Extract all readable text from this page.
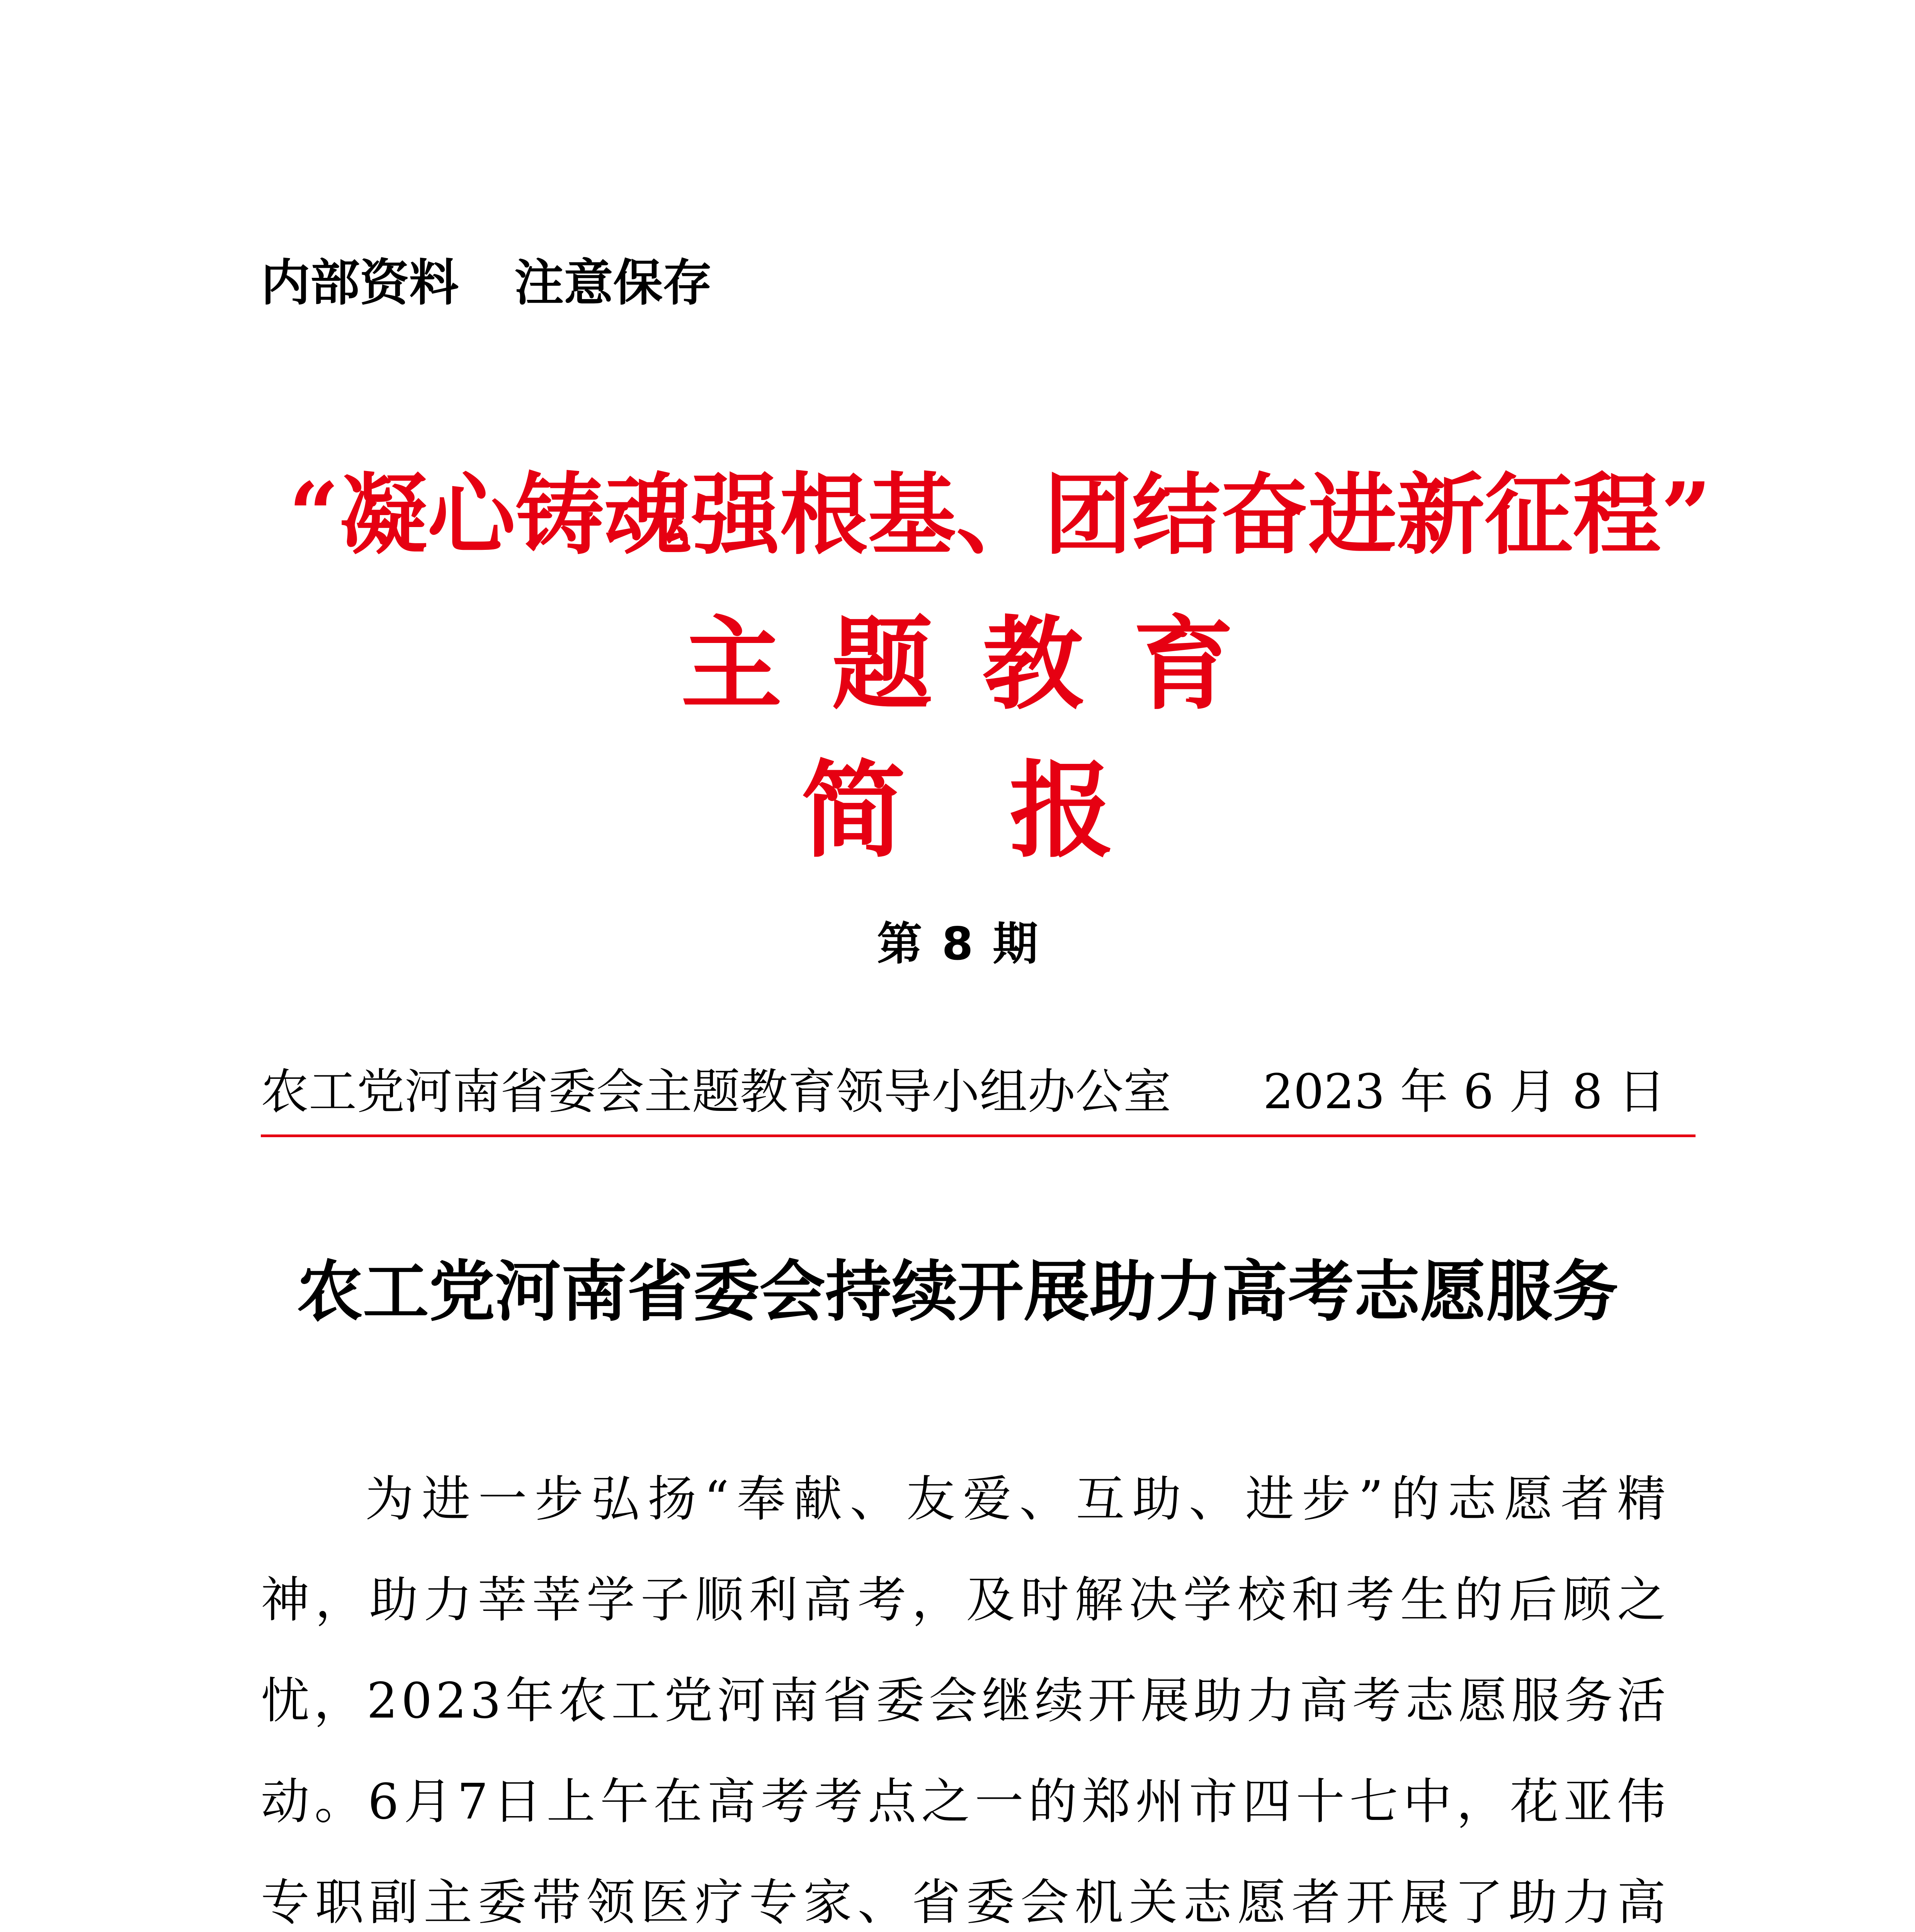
内部资料 注意保存
“凝心铸魂强根基、团结奋进新征程”
主 题 教 育
简 报
第 8 期
农工党河南省委会主题教育领导小组办公室 2023 年 6 月 8 日
农工党河南省委会持续开展助力高考志愿服务
为进一步弘扬“奉献、友爱、互助、进步”的志愿者精
神，助力莘莘学子顺利高考，及时解决学校和考生的后顾之
忧，2023年农工党河南省委会继续开展助力高考志愿服务活
动。6月7日上午在高考考点之一的郑州市四十七中，花亚伟
专职副主委带领医疗专家、省委会机关志愿者开展了助力高
